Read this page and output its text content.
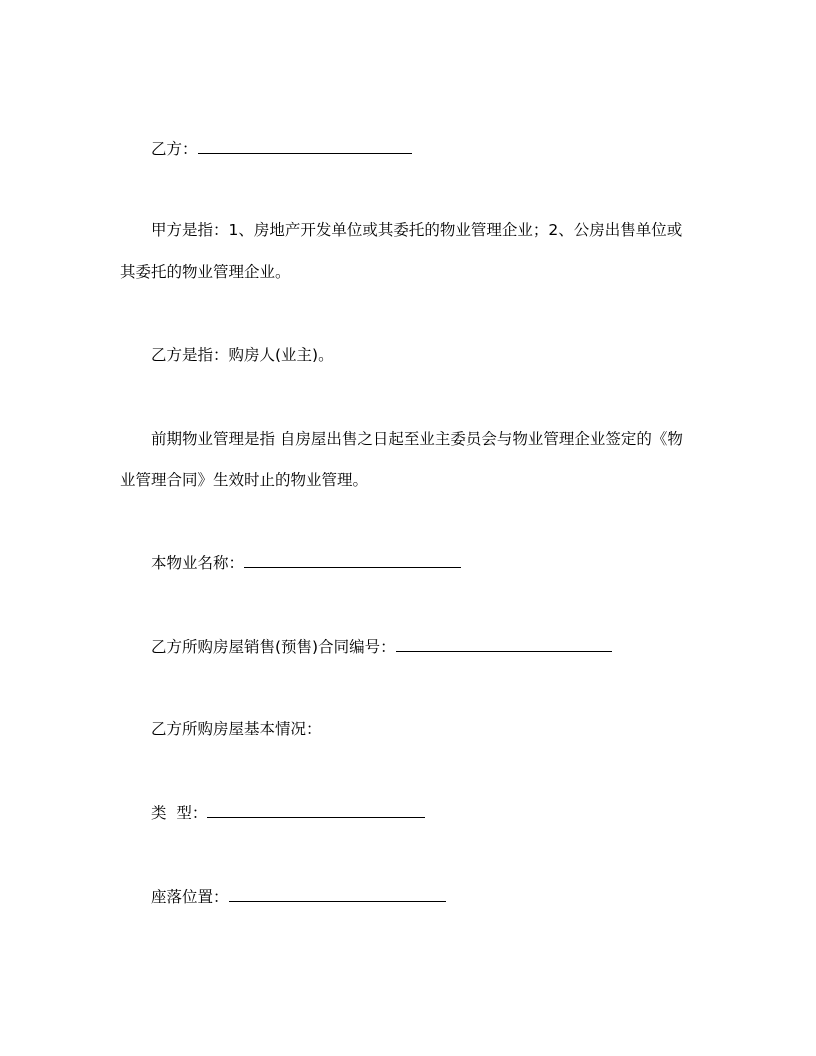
乙方：
甲方是指：1、房地产开发单位或其委托的物业管理企业；2、公房出售单位或
其委托的物业管理企业。
乙方是指：购房人(业主)。
前期物业管理是指 自房屋出售之日起至业主委员会与物业管理企业签定的《物
业管理合同》生效时止的物业管理。
本物业名称：
乙方所购房屋销售(预售)合同编号：
乙方所购房屋基本情况：
类  型：
座落位置：
